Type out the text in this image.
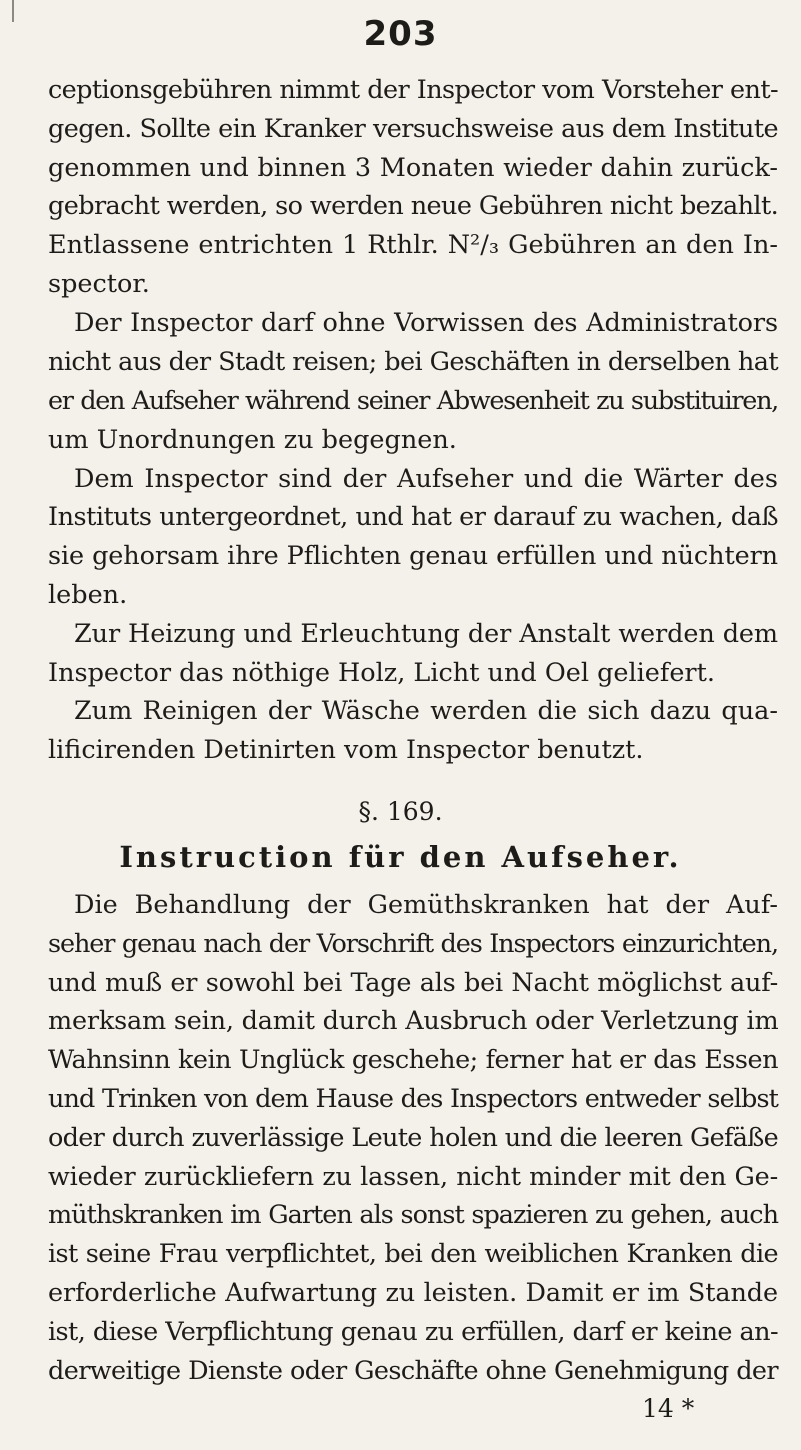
203
ceptionsgebühren nimmt der Inspector vom Vorsteher ent-
gegen. Sollte ein Kranker versuchsweise aus dem Institute
genommen und binnen 3 Monaten wieder dahin zurück-
gebracht werden, so werden neue Gebühren nicht bezahlt.
Entlassene entrichten 1 Rthlr. N²/₃ Gebühren an den In-
spector.
Der Inspector darf ohne Vorwissen des Administrators
nicht aus der Stadt reisen; bei Geschäften in derselben hat
er den Aufseher während seiner Abwesenheit zu substituiren,
um Unordnungen zu begegnen.
Dem Inspector sind der Aufseher und die Wärter des
Instituts untergeordnet, und hat er darauf zu wachen, daß
sie gehorsam ihre Pflichten genau erfüllen und nüchtern
leben.
Zur Heizung und Erleuchtung der Anstalt werden dem
Inspector das nöthige Holz, Licht und Oel geliefert.
Zum Reinigen der Wäsche werden die sich dazu qua-
lificirenden Detinirten vom Inspector benutzt.
§. 169.
Instruction für den Aufseher.
Die Behandlung der Gemüthskranken hat der Auf-
seher genau nach der Vorschrift des Inspectors einzurichten,
und muß er sowohl bei Tage als bei Nacht möglichst auf-
merksam sein, damit durch Ausbruch oder Verletzung im
Wahnsinn kein Unglück geschehe; ferner hat er das Essen
und Trinken von dem Hause des Inspectors entweder selbst
oder durch zuverlässige Leute holen und die leeren Gefäße
wieder zurückliefern zu lassen, nicht minder mit den Ge-
müthskranken im Garten als sonst spazieren zu gehen, auch
ist seine Frau verpflichtet, bei den weiblichen Kranken die
erforderliche Aufwartung zu leisten. Damit er im Stande
ist, diese Verpflichtung genau zu erfüllen, darf er keine an-
derweitige Dienste oder Geschäfte ohne Genehmigung der
14 *
